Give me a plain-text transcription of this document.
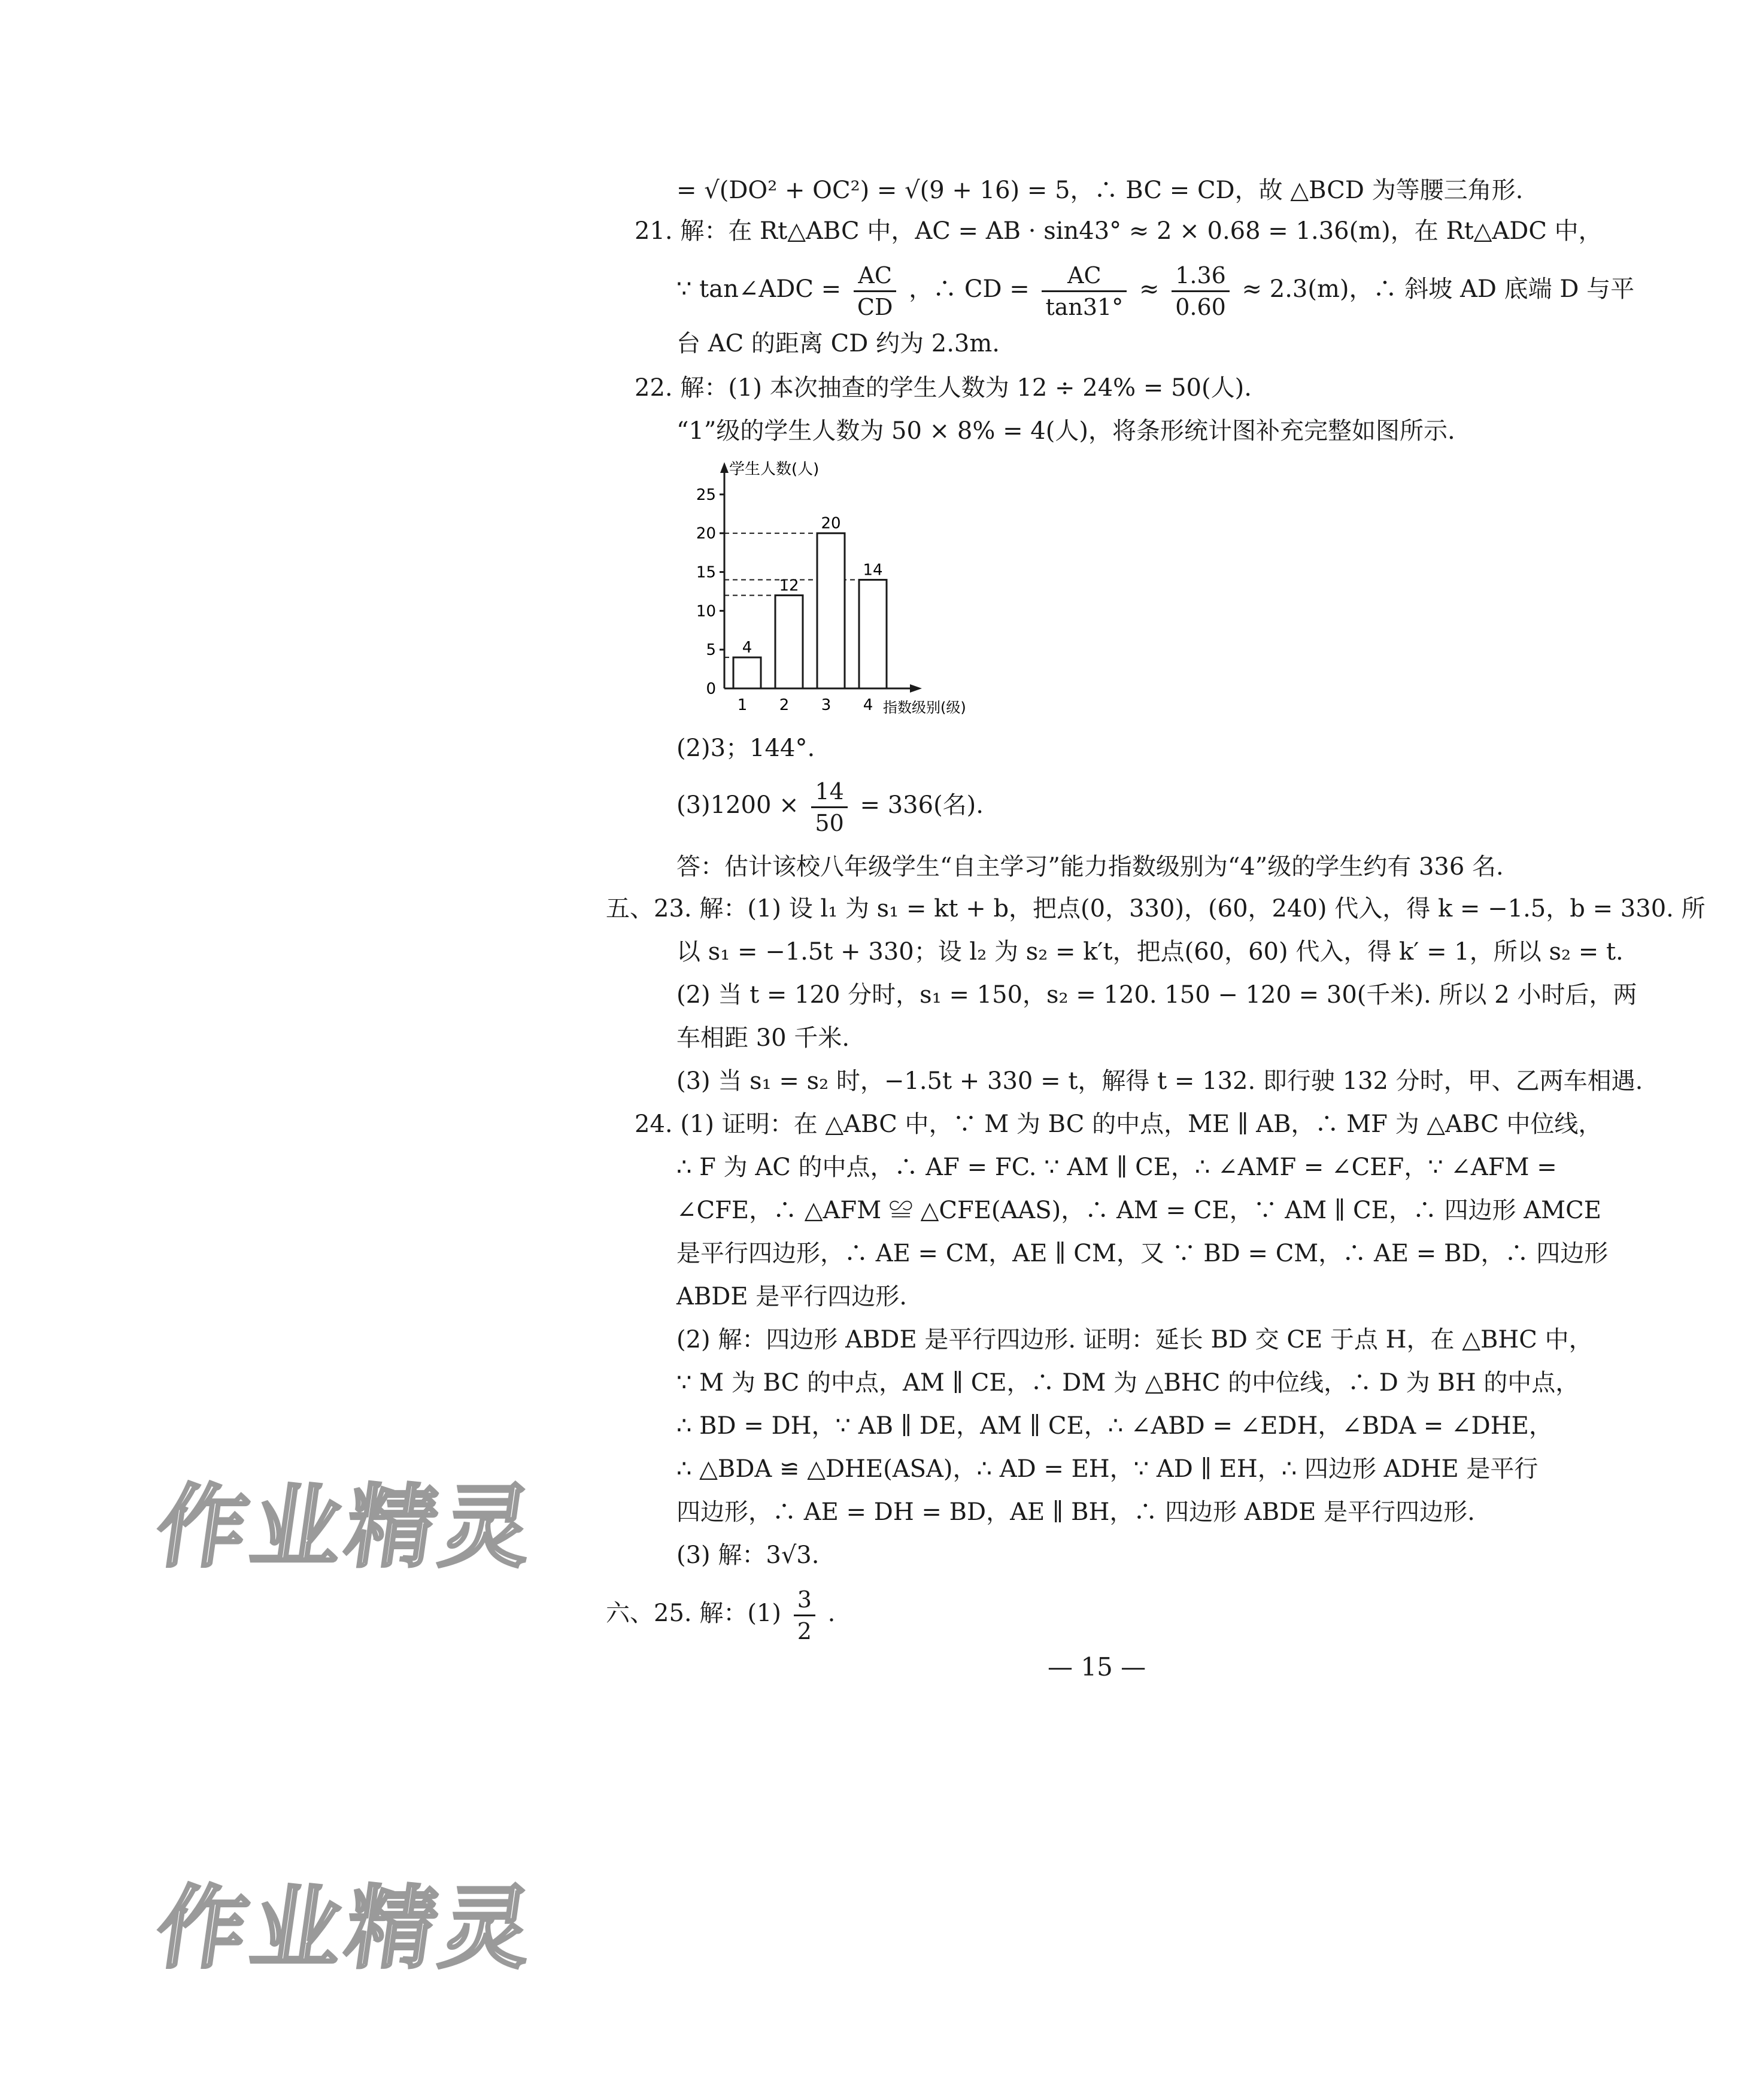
= √(DO² + OC²) = √(9 + 16) = 5，∴ BC = CD，故 △BCD 为等腰三角形.
21. 解：在 Rt△ABC 中，AC = AB · sin43° ≈ 2 × 0.68 = 1.36(m)，在 Rt△ADC 中，
∵ tan∠ADC = $\frac{AC}{CD}$ ，∴ CD = $\frac{AC}{\tan 31^\circ} \approx \frac{1.36}{0.60} \approx 2.3(m)$，∴ 斜坡 AD 底端 D 与平
台 AC 的距离 CD 约为 2.3m.
22. 解：(1) 本次抽查的学生人数为 12 ÷ 24% = 50(人).
“1”级的学生人数为 50 × 8% = 4(人)，将条形统计图补充完整如图所示.
学生人数(人)
指数级别(级)
0
5
10
15
20
25
4
1
12
2
20
3
14
4
(2)3；144°.
$(3)1200 \times \frac{14}{50} = 336$(名).
答：估计该校八年级学生“自主学习”能力指数级别为“4”级的学生约有 336 名.
五、23. 解：(1) 设 l₁ 为 s₁ = kt + b，把点(0，330)，(60，240) 代入，得 k = −1.5，b = 330. 所
以 s₁ = −1.5t + 330；设 l₂ 为 s₂ = k′t，把点(60，60) 代入，得 k′ = 1，所以 s₂ = t.
(2) 当 t = 120 分时，s₁ = 150，s₂ = 120. 150 − 120 = 30(千米). 所以 2 小时后，两
车相距 30 千米.
(3) 当 s₁ = s₂ 时，−1.5t + 330 = t，解得 t = 132. 即行驶 132 分时，甲、乙两车相遇.
24. (1) 证明：在 △ABC 中，∵ M 为 BC 的中点，ME ∥ AB，∴ MF 为 △ABC 中位线，
∴ F 为 AC 的中点，∴ AF = FC. ∵ AM ∥ CE，∴ ∠AMF = ∠CEF，∵ ∠AFM =
∠CFE，∴ △AFM ≌ △CFE(AAS)，∴ AM = CE，∵ AM ∥ CE，∴ 四边形 AMCE
是平行四边形，∴ AE = CM，AE ∥ CM，又 ∵ BD = CM，∴ AE = BD，∴ 四边形
ABDE 是平行四边形.
(2) 解：四边形 ABDE 是平行四边形. 证明：延长 BD 交 CE 于点 H，在 △BHC 中，
∵ M 为 BC 的中点，AM ∥ CE，∴ DM 为 △BHC 的中位线，∴ D 为 BH 的中点，
∴ BD = DH，∵ AB ∥ DE，AM ∥ CE，∴ ∠ABD = ∠EDH，∠BDA = ∠DHE，
∴ △BDA ≌ △DHE(ASA)，∴ AD = EH，∵ AD ∥ EH，∴ 四边形 ADHE 是平行
四边形，∴ AE = DH = BD，AE ∥ BH，∴ 四边形 ABDE 是平行四边形.
(3) 解：3√3.
六、25. 解：$(1) \frac{3}{2}$ .
— 15 —
作业精灵
作业精灵
